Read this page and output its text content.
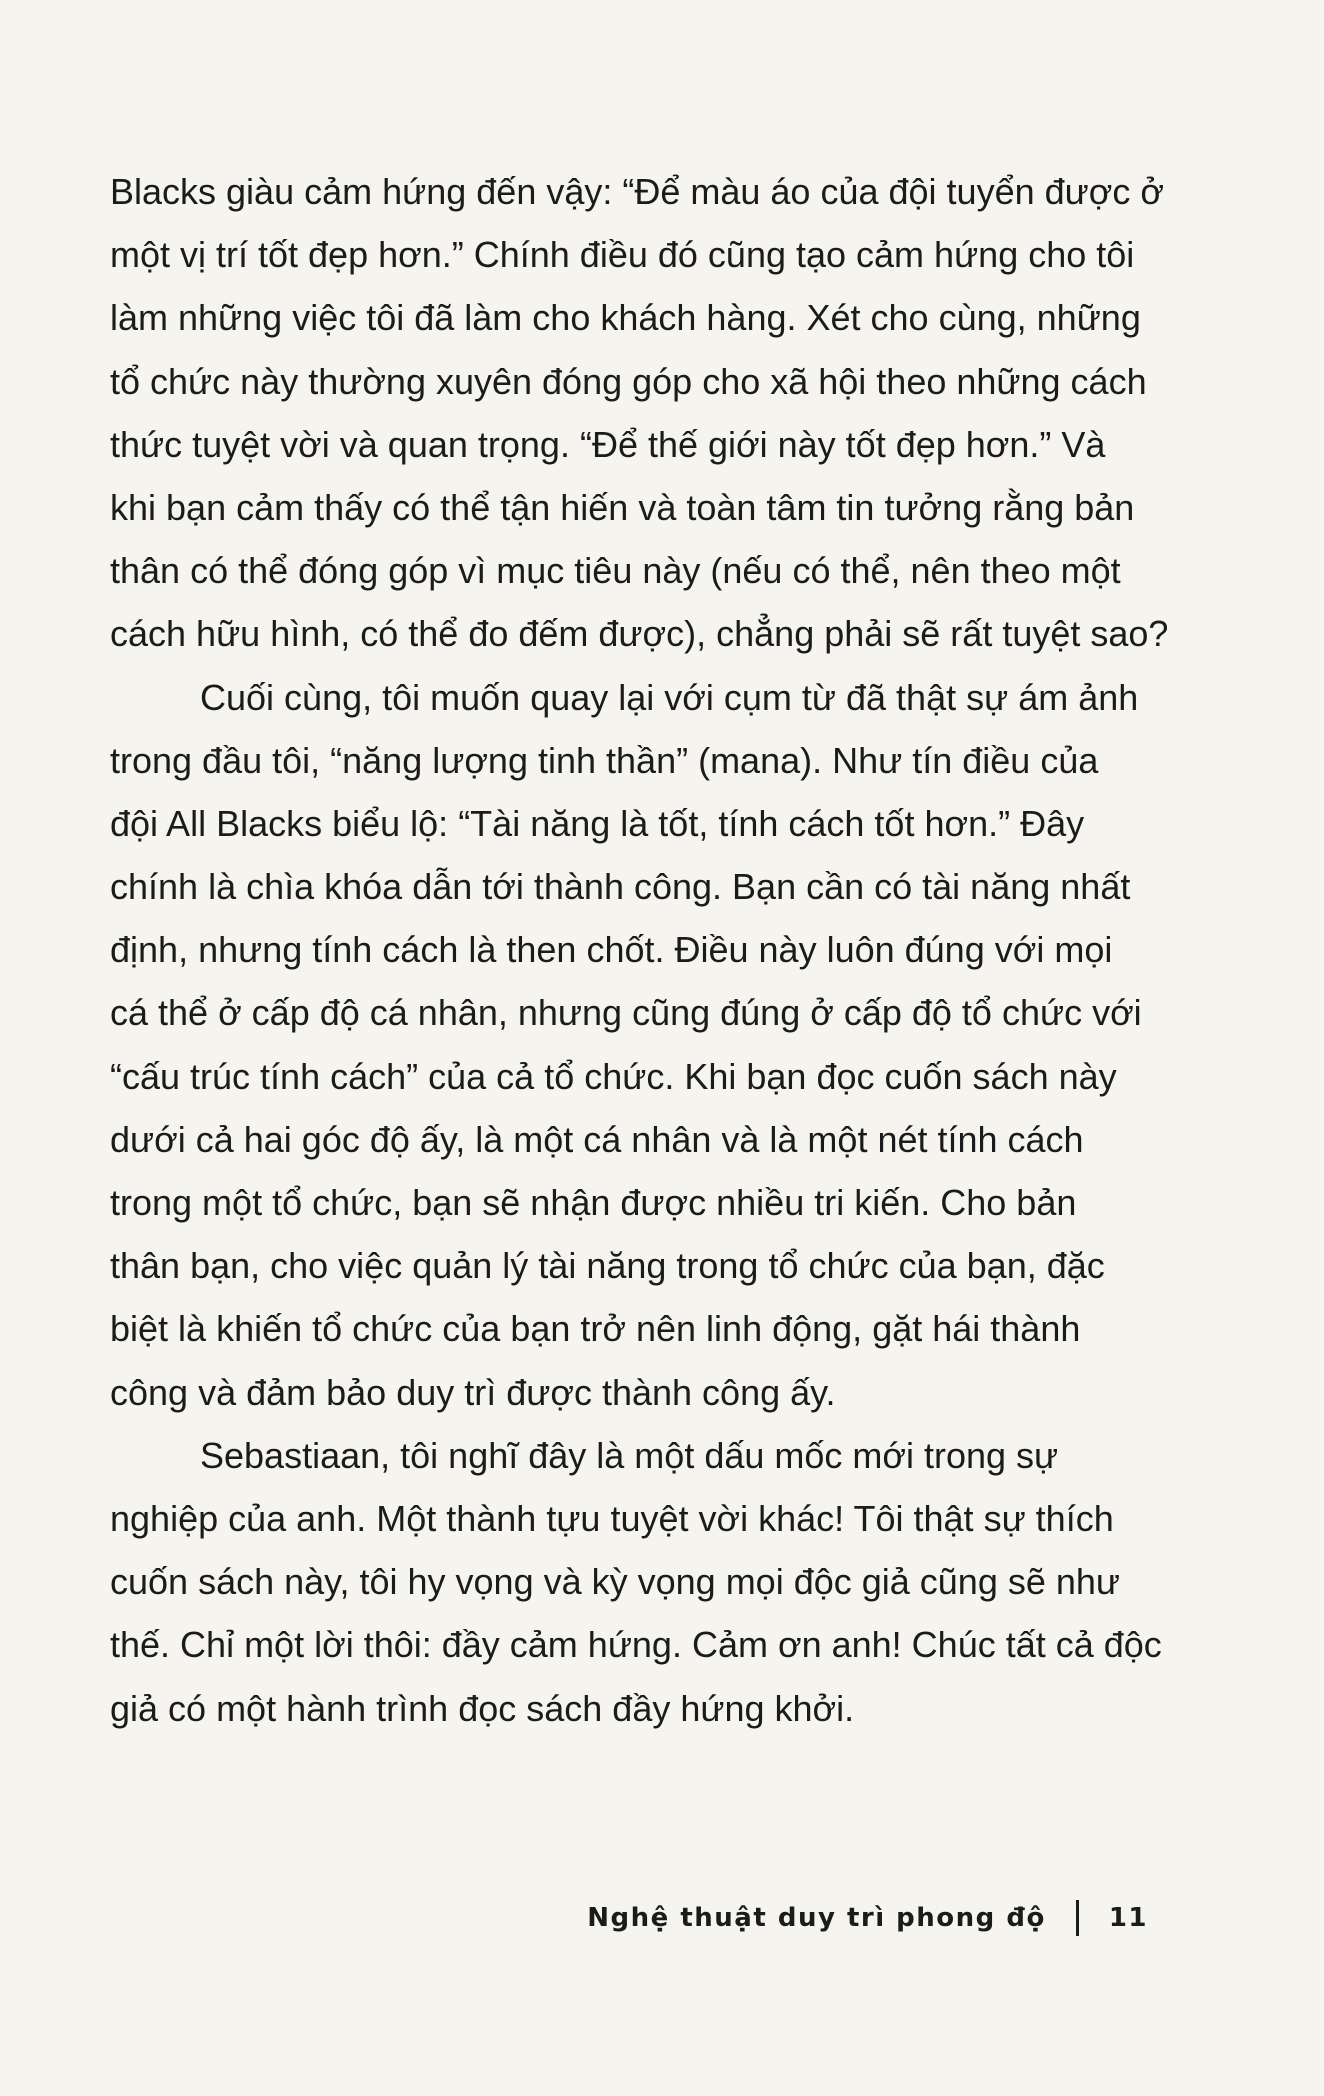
Blacks giàu cảm hứng đến vậy: “Để màu áo của đội tuyển được ở
một vị trí tốt đẹp hơn.” Chính điều đó cũng tạo cảm hứng cho tôi
làm những việc tôi đã làm cho khách hàng. Xét cho cùng, những
tổ chức này thường xuyên đóng góp cho xã hội theo những cách
thức tuyệt vời và quan trọng. “Để thế giới này tốt đẹp hơn.” Và
khi bạn cảm thấy có thể tận hiến và toàn tâm tin tưởng rằng bản
thân có thể đóng góp vì mục tiêu này (nếu có thể, nên theo một
cách hữu hình, có thể đo đếm được), chẳng phải sẽ rất tuyệt sao?

Cuối cùng, tôi muốn quay lại với cụm từ đã thật sự ám ảnh
trong đầu tôi, “năng lượng tinh thần” (mana). Như tín điều của
đội All Blacks biểu lộ: “Tài năng là tốt, tính cách tốt hơn.” Đây
chính là chìa khóa dẫn tới thành công. Bạn cần có tài năng nhất
định, nhưng tính cách là then chốt. Điều này luôn đúng với mọi
cá thể ở cấp độ cá nhân, nhưng cũng đúng ở cấp độ tổ chức với
“cấu trúc tính cách” của cả tổ chức. Khi bạn đọc cuốn sách này
dưới cả hai góc độ ấy, là một cá nhân và là một nét tính cách
trong một tổ chức, bạn sẽ nhận được nhiều tri kiến. Cho bản
thân bạn, cho việc quản lý tài năng trong tổ chức của bạn, đặc
biệt là khiến tổ chức của bạn trở nên linh động, gặt hái thành
công và đảm bảo duy trì được thành công ấy.

Sebastiaan, tôi nghĩ đây là một dấu mốc mới trong sự
nghiệp của anh. Một thành tựu tuyệt vời khác! Tôi thật sự thích
cuốn sách này, tôi hy vọng và kỳ vọng mọi độc giả cũng sẽ như
thế. Chỉ một lời thôi: đầy cảm hứng. Cảm ơn anh! Chúc tất cả độc
giả có một hành trình đọc sách đầy hứng khởi.

Nghệ thuật duy trì phong độ 11
